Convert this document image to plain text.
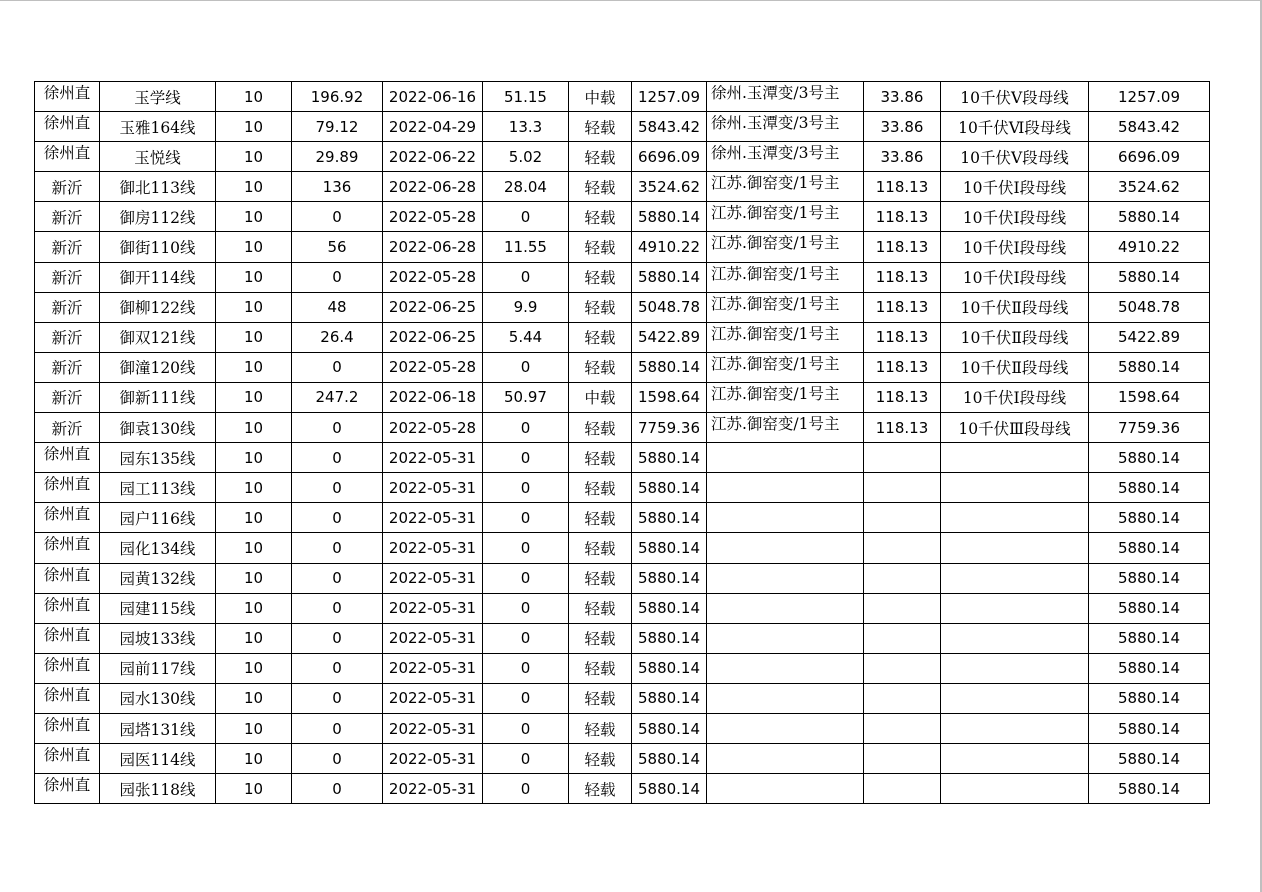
徐州直	玉学线	10	196.92	2022-06-16	51.15	中载	1257.09	徐州.玉潭变/3号主	33.86	10千伏Ⅴ段母线	1257.09
徐州直	玉雅164线	10	79.12	2022-04-29	13.3	轻载	5843.42	徐州.玉潭变/3号主	33.86	10千伏Ⅵ段母线	5843.42
徐州直	玉悦线	10	29.89	2022-06-22	5.02	轻载	6696.09	徐州.玉潭变/3号主	33.86	10千伏Ⅴ段母线	6696.09
新沂	御北113线	10	136	2022-06-28	28.04	轻载	3524.62	江苏.御窑变/1号主	118.13	10千伏Ⅰ段母线	3524.62
新沂	御房112线	10	0	2022-05-28	0	轻载	5880.14	江苏.御窑变/1号主	118.13	10千伏Ⅰ段母线	5880.14
新沂	御街110线	10	56	2022-06-28	11.55	轻载	4910.22	江苏.御窑变/1号主	118.13	10千伏Ⅰ段母线	4910.22
新沂	御开114线	10	0	2022-05-28	0	轻载	5880.14	江苏.御窑变/1号主	118.13	10千伏Ⅰ段母线	5880.14
新沂	御柳122线	10	48	2022-06-25	9.9	轻载	5048.78	江苏.御窑变/1号主	118.13	10千伏Ⅱ段母线	5048.78
新沂	御双121线	10	26.4	2022-06-25	5.44	轻载	5422.89	江苏.御窑变/1号主	118.13	10千伏Ⅱ段母线	5422.89
新沂	御潼120线	10	0	2022-05-28	0	轻载	5880.14	江苏.御窑变/1号主	118.13	10千伏Ⅱ段母线	5880.14
新沂	御新111线	10	247.2	2022-06-18	50.97	中载	1598.64	江苏.御窑变/1号主	118.13	10千伏Ⅰ段母线	1598.64
新沂	御袁130线	10	0	2022-05-28	0	轻载	7759.36	江苏.御窑变/1号主	118.13	10千伏Ⅲ段母线	7759.36
徐州直	园东135线	10	0	2022-05-31	0	轻载	5880.14				5880.14
徐州直	园工113线	10	0	2022-05-31	0	轻载	5880.14				5880.14
徐州直	园户116线	10	0	2022-05-31	0	轻载	5880.14				5880.14
徐州直	园化134线	10	0	2022-05-31	0	轻载	5880.14				5880.14
徐州直	园黄132线	10	0	2022-05-31	0	轻载	5880.14				5880.14
徐州直	园建115线	10	0	2022-05-31	0	轻载	5880.14				5880.14
徐州直	园坡133线	10	0	2022-05-31	0	轻载	5880.14				5880.14
徐州直	园前117线	10	0	2022-05-31	0	轻载	5880.14				5880.14
徐州直	园水130线	10	0	2022-05-31	0	轻载	5880.14				5880.14
徐州直	园塔131线	10	0	2022-05-31	0	轻载	5880.14				5880.14
徐州直	园医114线	10	0	2022-05-31	0	轻载	5880.14				5880.14
徐州直	园张118线	10	0	2022-05-31	0	轻载	5880.14				5880.14
